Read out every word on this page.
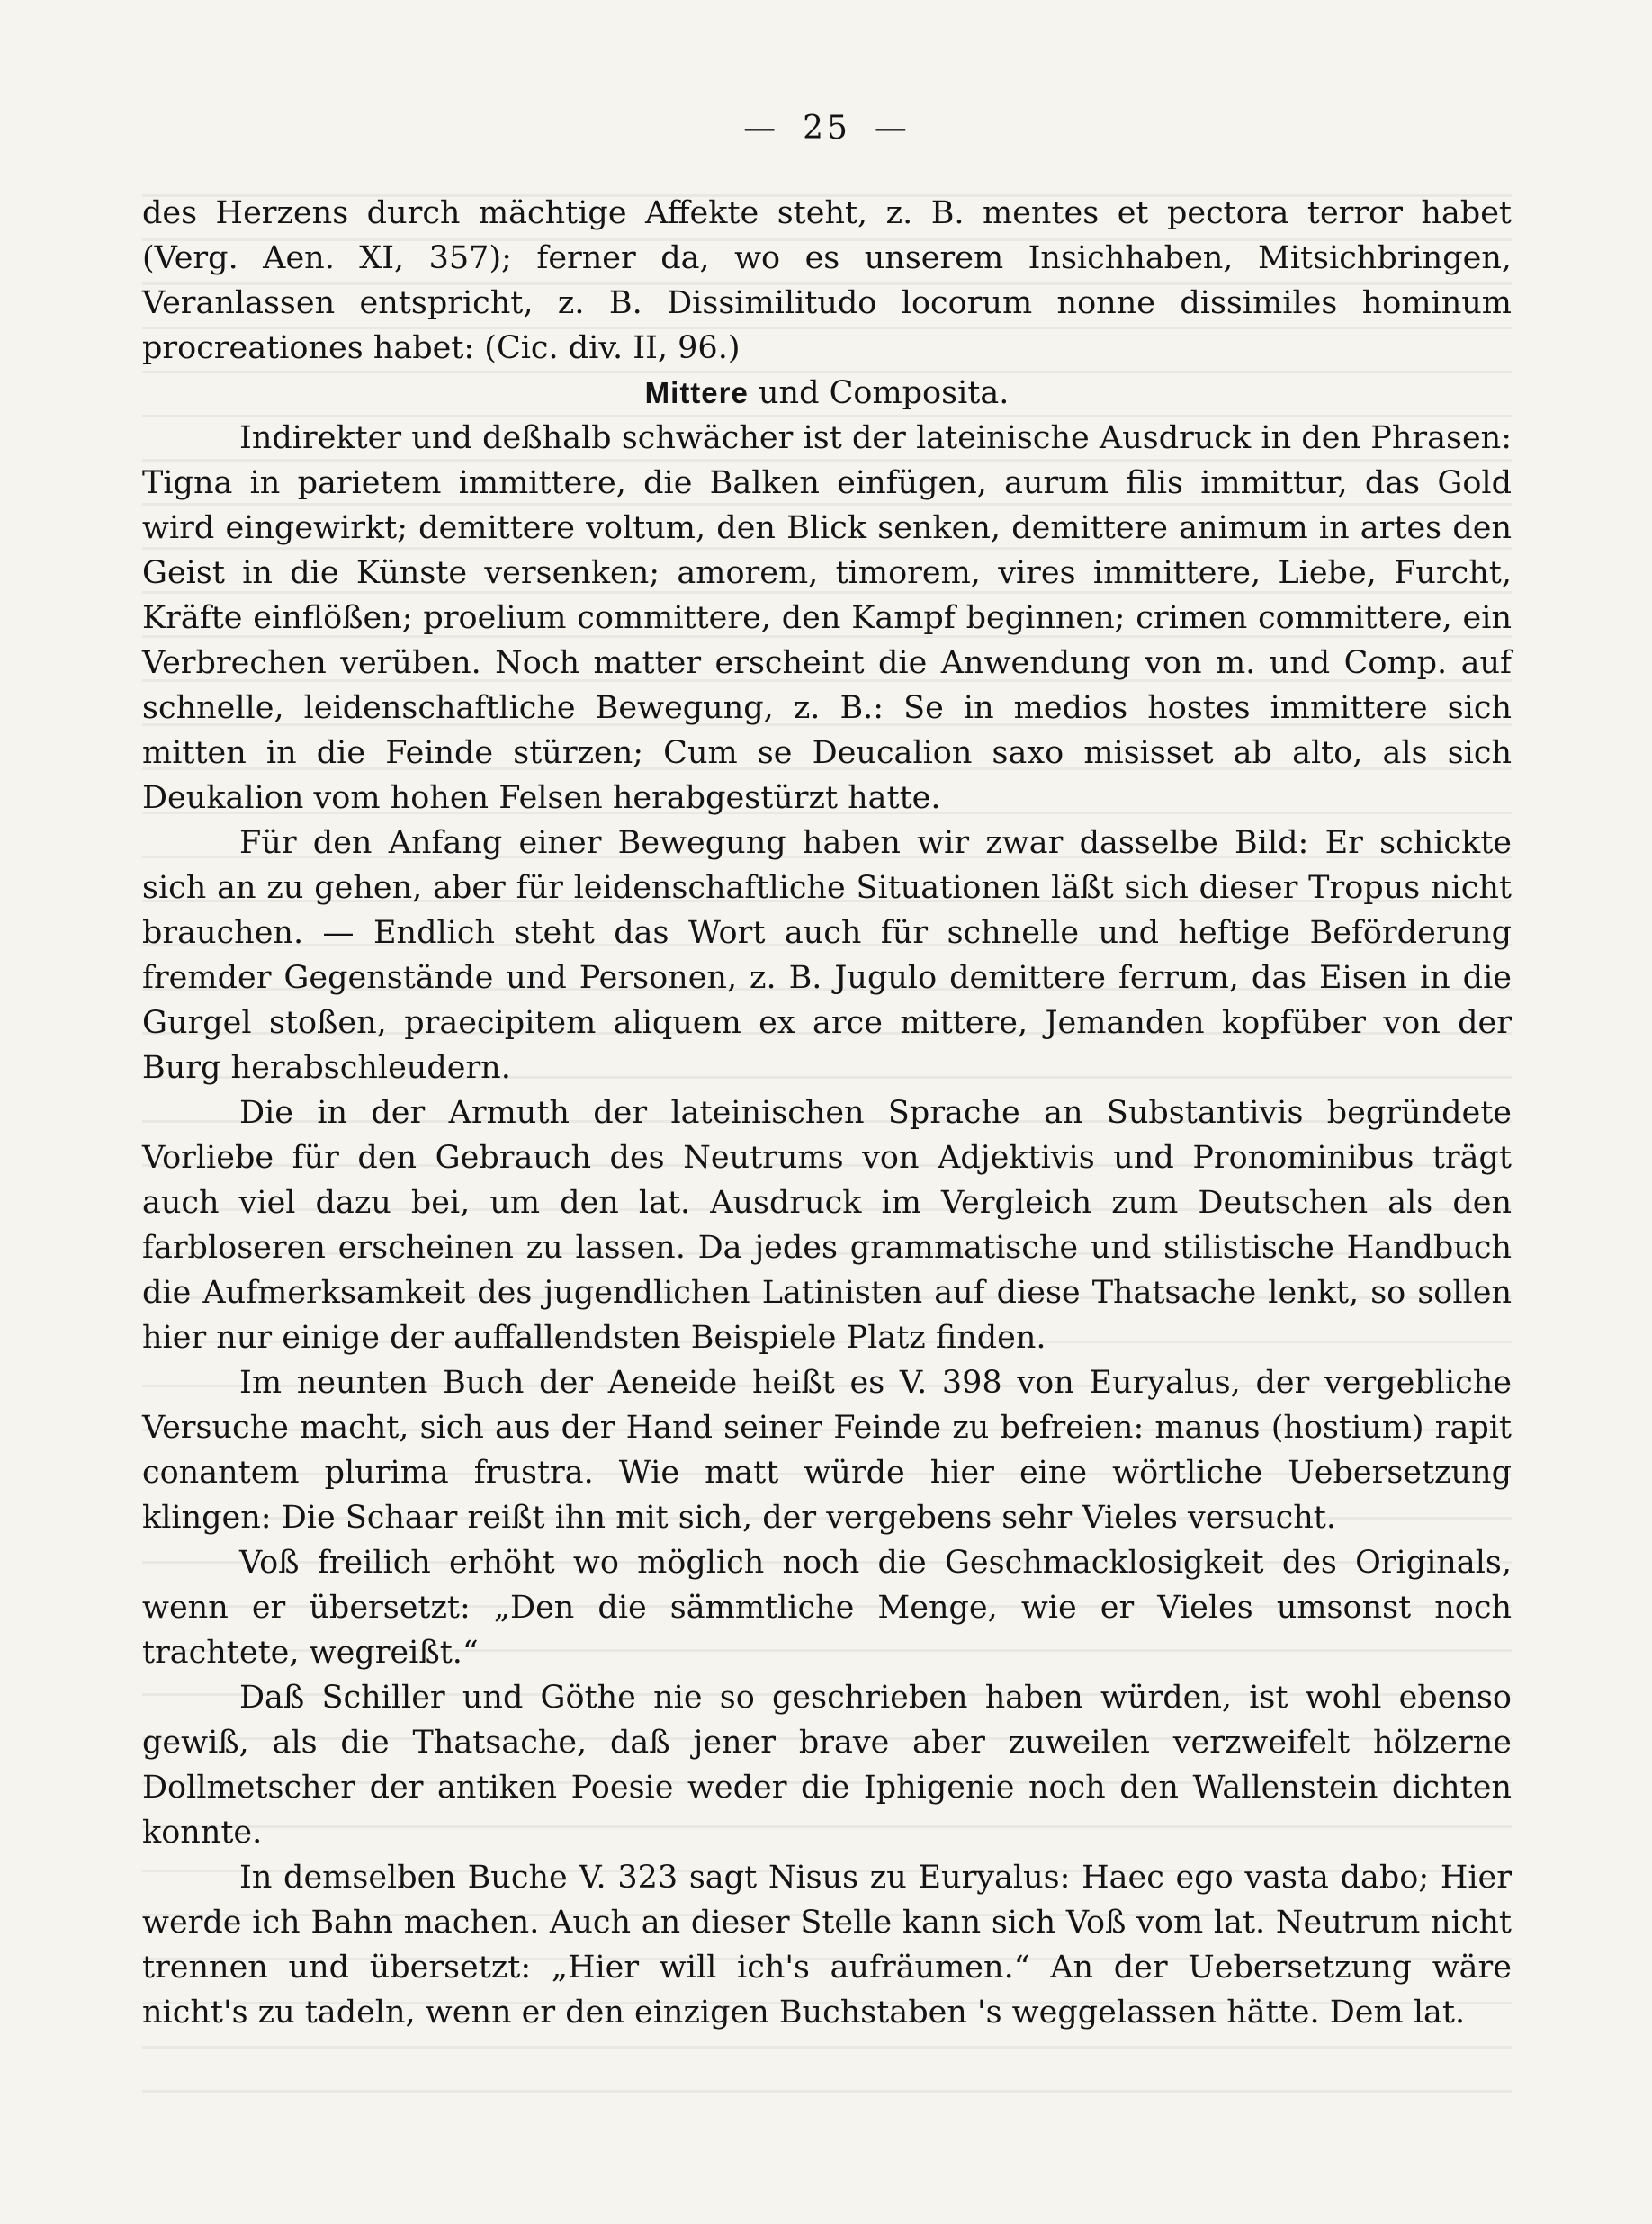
— 25 —

des Herzens durch mächtige Affekte steht, z. B. mentes et pectora terror habet (Verg. Aen. XI, 357); ferner da, wo es unserem Insichhaben, Mitsichbringen, Veranlassen entspricht, z. B. Dissimilitudo locorum nonne dissimiles hominum procreationes habet: (Cic. div. II, 96.)

Mittere und Composita.

Indirekter und deßhalb schwächer ist der lateinische Ausdruck in den Phrasen: Tigna in parietem immittere, die Balken einfügen, aurum filis immittur, das Gold wird eingewirkt; demittere voltum, den Blick senken, demittere animum in artes den Geist in die Künste versenken; amorem, timorem, vires immittere, Liebe, Furcht, Kräfte einflößen; proelium committere, den Kampf beginnen; crimen committere, ein Verbrechen verüben. Noch matter erscheint die Anwendung von m. und Comp. auf schnelle, leidenschaftliche Bewegung, z. B.: Se in medios hostes immittere sich mitten in die Feinde stürzen; Cum se Deucalion saxo misisset ab alto, als sich Deukalion vom hohen Felsen herabgestürzt hatte.

Für den Anfang einer Bewegung haben wir zwar dasselbe Bild: Er schickte sich an zu gehen, aber für leidenschaftliche Situationen läßt sich dieser Tropus nicht brauchen. — Endlich steht das Wort auch für schnelle und heftige Beförderung fremder Gegenstände und Personen, z. B. Jugulo demittere ferrum, das Eisen in die Gurgel stoßen, praecipitem aliquem ex arce mittere, Jemanden kopfüber von der Burg herabschleudern.

Die in der Armuth der lateinischen Sprache an Substantivis begründete Vorliebe für den Gebrauch des Neutrums von Adjektivis und Pronominibus trägt auch viel dazu bei, um den lat. Ausdruck im Vergleich zum Deutschen als den farbloseren erscheinen zu lassen. Da jedes grammatische und stilistische Handbuch die Aufmerksamkeit des jugendlichen Latinisten auf diese Thatsache lenkt, so sollen hier nur einige der auffallendsten Beispiele Platz finden.

Im neunten Buch der Aeneide heißt es V. 398 von Euryalus, der vergebliche Versuche macht, sich aus der Hand seiner Feinde zu befreien: manus (hostium) rapit conantem plurima frustra. Wie matt würde hier eine wörtliche Uebersetzung klingen: Die Schaar reißt ihn mit sich, der vergebens sehr Vieles versucht.

Voß freilich erhöht wo möglich noch die Geschmacklosigkeit des Originals, wenn er übersetzt: „Den die sämmtliche Menge, wie er Vieles umsonst noch trachtete, wegreißt.“

Daß Schiller und Göthe nie so geschrieben haben würden, ist wohl ebenso gewiß, als die Thatsache, daß jener brave aber zuweilen verzweifelt hölzerne Dollmetscher der antiken Poesie weder die Iphigenie noch den Wallenstein dichten konnte.

In demselben Buche V. 323 sagt Nisus zu Euryalus: Haec ego vasta dabo; Hier werde ich Bahn machen. Auch an dieser Stelle kann sich Voß vom lat. Neutrum nicht trennen und übersetzt: „Hier will ich's aufräumen.“ An der Uebersetzung wäre nicht's zu tadeln, wenn er den einzigen Buchstaben 's weggelassen hätte. Dem lat.
